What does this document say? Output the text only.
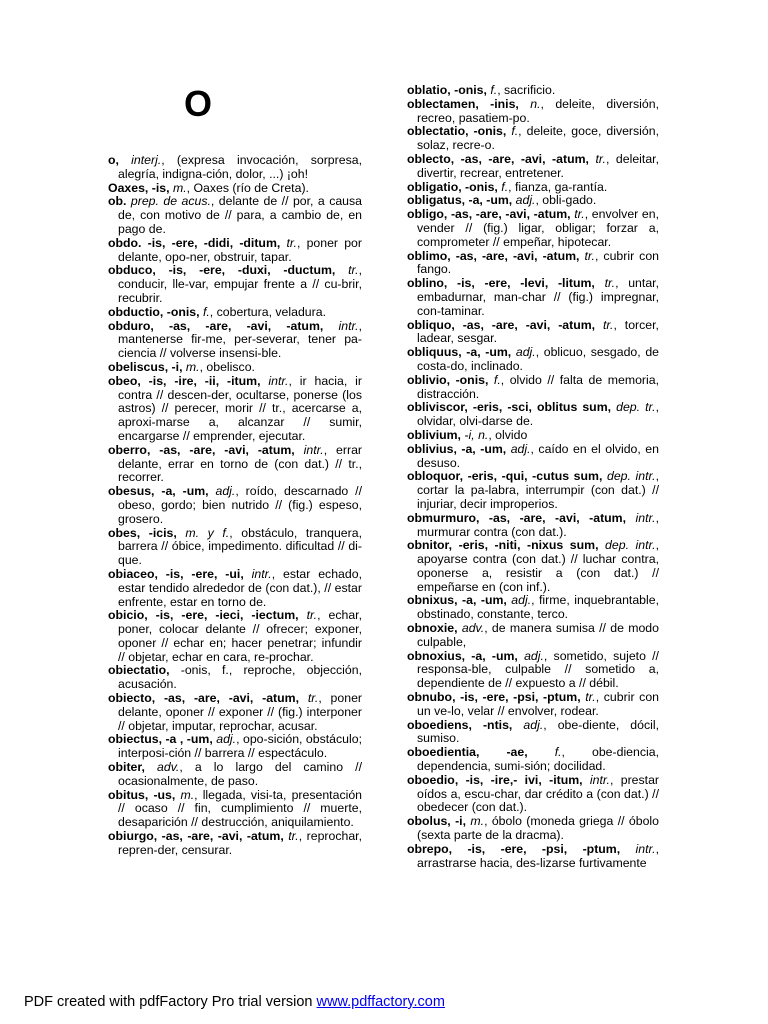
O

o, interj., (expresa invocación, sorpresa, alegría, indigna-ción, dolor, ...) ¡oh!

Oaxes, -is, m., Oaxes (río de Creta).

ob. prep. de acus., delante de // por, a causa de, con motivo de // para, a cambio de, en pago de.

obdo. -is, -ere, -didi, -ditum, tr., poner por delante, opo-ner, obstruir, tapar.

obduco, -is, -ere, -duxi, -ductum, tr., conducir, lle-var, empujar frente a // cu-brir, recubrir.

obductio, -onis, f., cobertura, veladura.

obduro, -as, -are, -avi, -atum, intr., mantenerse fir-me, per-severar, tener pa-ciencia // volverse insensi-ble.

obeliscus, -i, m., obelisco.

obeo, -is, -ire, -ii, -itum, intr., ir hacia, ir contra // descen-der, ocultarse, ponerse (los astros) // perecer, morir // tr., acercarse a, aproxi-marse a, alcanzar // sumir, encargarse // emprender, ejecutar.

oberro, -as, -are, -avi, -atum, intr., errar delante, errar en torno de (con dat.) // tr., recorrer.

obesus, -a, -um, adj., roído, descarnado // obeso, gordo; bien nutrido // (fig.) espeso, grosero.

obes, -icis, m. y f., obstáculo, tranquera, barrera // óbice, impedimento. dificultad // di-que.

obiaceo, -is, -ere, -ui, intr., estar echado, estar tendido alrededor de (con dat.), // estar enfrente, estar en torno de.

obicio, -is, -ere, -ieci, -iectum, tr., echar, poner, colocar delante // ofrecer; exponer, oponer // echar en; hacer penetrar; infundir // objetar, echar en cara, re-prochar.

obiectatio, -onis, f., reproche, objección, acusación.

obiecto, -as, -are, -avi, -atum, tr., poner delante, oponer // exponer // (fig.) interponer // objetar, imputar, reprochar, acusar.

obiectus, -a , -um, adj., opo-sición, obstáculo; interposi-ción // barrera // espectáculo.

obiter, adv., a lo largo del camino // ocasionalmente, de paso.

obitus, -us, m., llegada, visi-ta, presentación // ocaso // fin, cumplimiento // muerte, desaparición // destrucción, aniquilamiento.

obiurgo, -as, -are, -avi, -atum, tr., reprochar, repren-der, censurar.

oblatio, -onis, f., sacrificio.

oblectamen, -inis, n., deleite, diversión, recreo, pasatiem-po.

oblectatio, -onis, f., deleite, goce, diversión, solaz, recre-o.

oblecto, -as, -are, -avi, -atum, tr., deleitar, divertir, recrear, entretener.

obligatio, -onis, f., fianza, ga-rantía.

obligatus, -a, -um, adj., obli-gado.

obligo, -as, -are, -avi, -atum, tr., envolver en, vender // (fig.) ligar, obligar; forzar a, comprometer // empeñar, hipotecar.

oblimo, -as, -are, -avi, -atum, tr., cubrir con fango.

oblino, -is, -ere, -levi, -litum, tr., untar, embadurnar, man-char // (fig.) impregnar, con-taminar.

obliquo, -as, -are, -avi, -atum, tr., torcer, ladear, sesgar.

obliquus, -a, -um, adj., oblicuo, sesgado, de costa-do, inclinado.

oblivio, -onis, f., olvido // falta de memoria, distracción.

obliviscor, -eris, -sci, oblitus sum, dep. tr., olvidar, olvi-darse de.

oblivium, -i, n., olvido

oblivius, -a, -um, adj., caído en el olvido, en desuso.

obloquor, -eris, -qui, -cutus sum, dep. intr., cortar la pa-labra, interrumpir (con dat.) // injuriar, decir improperios.

obmurmuro, -as, -are, -avi, -atum, intr., murmurar contra (con dat.).

obnitor, -eris, -niti, -nixus sum, dep. intr., apoyarse contra (con dat.) // luchar contra, oponerse a, resistir a (con dat.) // empeñarse en (con inf.).

obnixus, -a, -um, adj., firme, inquebrantable, obstinado, constante, terco.

obnoxie, adv., de manera sumisa // de modo culpable,

obnoxius, -a, -um, adj., sometido, sujeto // responsa-ble, culpable // sometido a, dependiente de // expuesto a // débil.

obnubo, -is, -ere, -psi, -ptum, tr., cubrir con un ve-lo, velar // envolver, rodear.

oboediens, -ntis, adj., obe-diente, dócil, sumiso.

oboedientia, -ae, f., obe-diencia, dependencia, sumi-sión; docilidad.

oboedio, -is, -ire,- ivi, -itum, intr., prestar oídos a, escu-char, dar crédito a (con dat.) // obedecer (con dat.).

obolus, -i, m., óbolo (moneda griega // óbolo (sexta parte de la dracma).

obrepo, -is, -ere, -psi, -ptum, intr., arrastrarse hacia, des-lizarse furtivamente

PDF created with pdfFactory Pro trial version www.pdffactory.com
